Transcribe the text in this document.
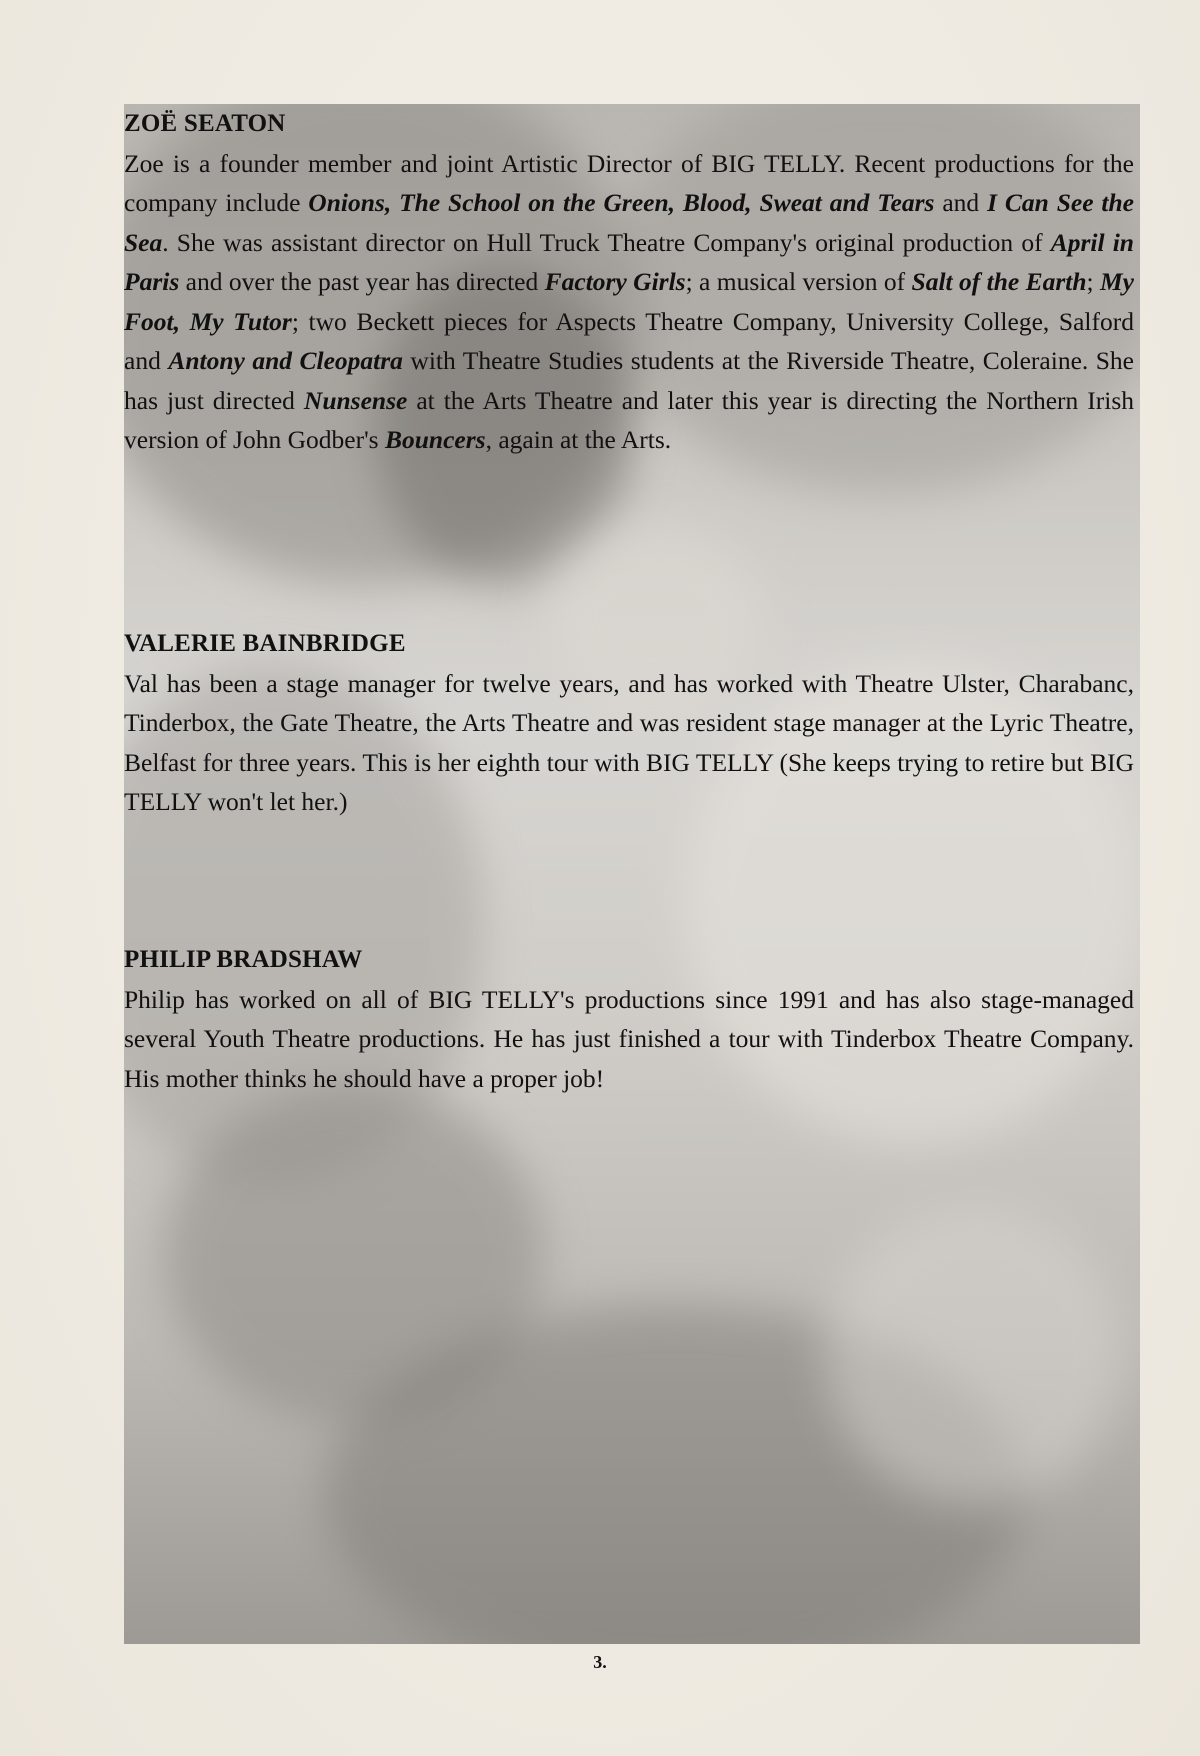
ZOË SEATON

Zoe is a founder member and joint Artistic Director of BIG TELLY. Recent productions for the company include Onions, The School on the Green, Blood, Sweat and Tears and I Can See the Sea. She was assistant director on Hull Truck Theatre Company's original production of April in Paris and over the past year has directed Factory Girls; a musical version of Salt of the Earth; My Foot, My Tutor; two Beckett pieces for Aspects Theatre Company, University College, Salford and Antony and Cleopatra with Theatre Studies students at the Riverside Theatre, Coleraine. She has just directed Nunsense at the Arts Theatre and later this year is directing the Northern Irish version of John Godber's Bouncers, again at the Arts.

VALERIE BAINBRIDGE

Val has been a stage manager for twelve years, and has worked with Theatre Ulster, Charabanc, Tinderbox, the Gate Theatre, the Arts Theatre and was resident stage manager at the Lyric Theatre, Belfast for three years. This is her eighth tour with BIG TELLY (She keeps trying to retire but BIG TELLY won't let her.)

PHILIP BRADSHAW

Philip has worked on all of BIG TELLY's productions since 1991 and has also stage-managed several Youth Theatre productions. He has just finished a tour with Tinderbox Theatre Company. His mother thinks he should have a proper job!

3.
